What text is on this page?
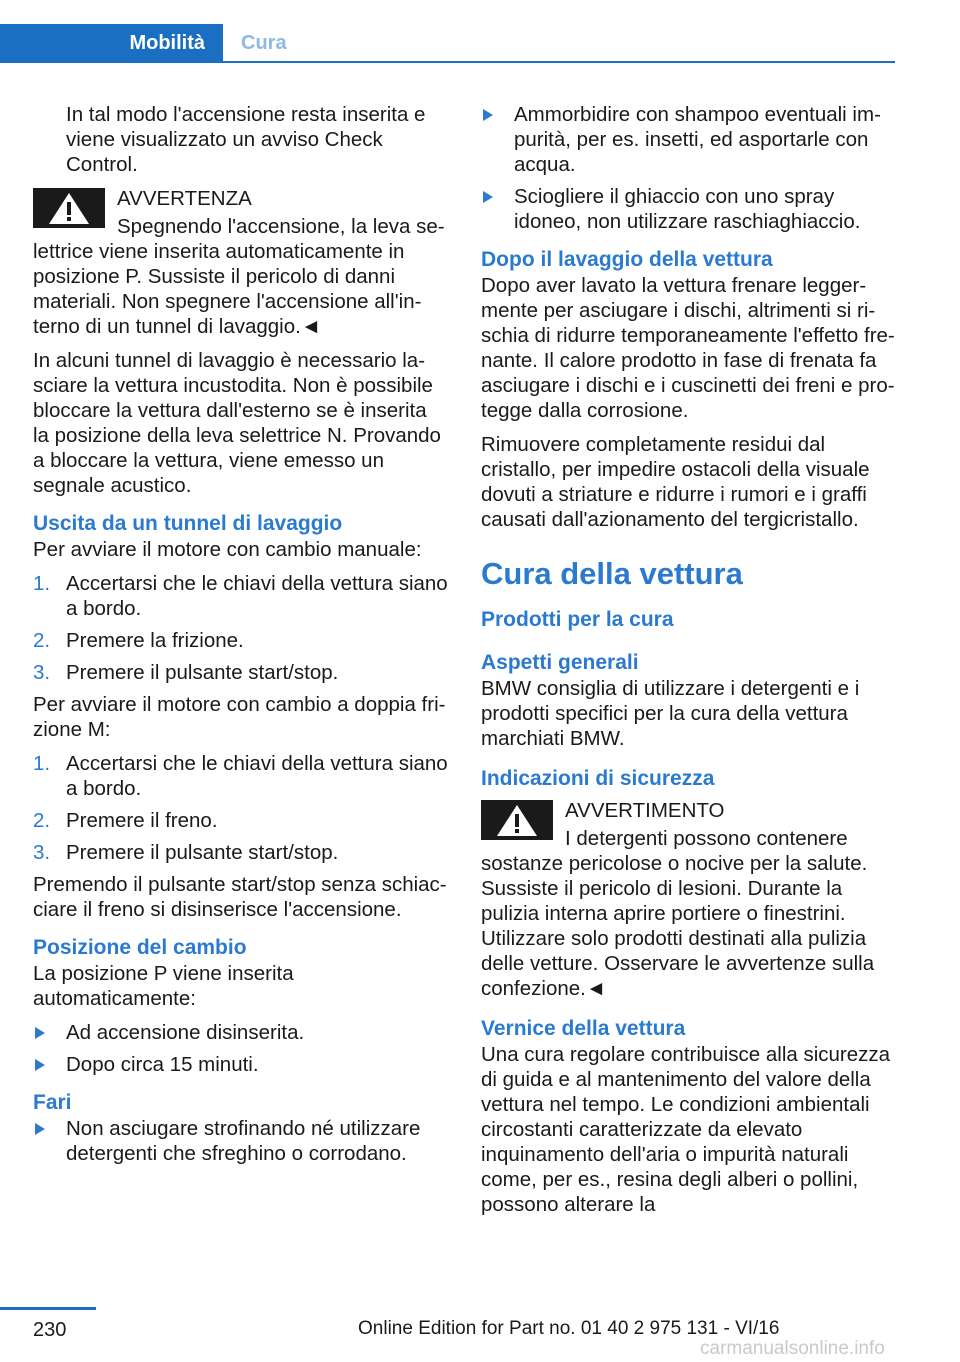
Mobilità Cura

In tal modo l'accensione resta inserita e viene visualizzato un avviso Check Control.

AVVERTENZA
Spegnendo l'accensione, la leva selettrice viene inserita automaticamente in posizione P. Sussiste il pericolo di danni materiali. Non spegnere l'accensione all'interno di un tunnel di lavaggio.◄

In alcuni tunnel di lavaggio è necessario lasciare la vettura incustodita. Non è possibile bloccare la vettura dall'esterno se è inserita la posizione della leva selettrice N. Provando a bloccare la vettura, viene emesso un segnale acustico.

Uscita da un tunnel di lavaggio

Per avviare il motore con cambio manuale:

1. Accertarsi che le chiavi della vettura siano a bordo.
2. Premere la frizione.
3. Premere il pulsante start/stop.

Per avviare il motore con cambio a doppia frizione M:

1. Accertarsi che le chiavi della vettura siano a bordo.
2. Premere il freno.
3. Premere il pulsante start/stop.

Premendo il pulsante start/stop senza schiacciare il freno si disinserisce l'accensione.

Posizione del cambio

La posizione P viene inserita automaticamente:

Ad accensione disinserita.
Dopo circa 15 minuti.
Fari
Non asciugare strofinando né utilizzare detergenti che sfreghino o corrodano.
Ammorbidire con shampoo eventuali impurità, per es. insetti, ed asportarle con acqua.
Sciogliere il ghiaccio con uno spray idoneo, non utilizzare raschiaghiaccio.
Dopo il lavaggio della vettura

Dopo aver lavato la vettura frenare leggermente per asciugare i dischi, altrimenti si rischia di ridurre temporaneamente l'effetto frenante. Il calore prodotto in fase di frenata fa asciugare i dischi e i cuscinetti dei freni e protegge dalla corrosione.

Rimuovere completamente residui dal cristallo, per impedire ostacoli della visuale dovuti a striature e ridurre i rumori e i graffi causati dall'azionamento del tergicristallo.

Cura della vettura
Prodotti per la cura
Aspetti generali

BMW consiglia di utilizzare i detergenti e i prodotti specifici per la cura della vettura marchiati BMW.

Indicazioni di sicurezza
AVVERTIMENTO
I detergenti possono contenere sostanze pericolose o nocive per la salute. Sussiste il pericolo di lesioni. Durante la pulizia interna aprire portiere o finestrini. Utilizzare solo prodotti destinati alla pulizia delle vetture. Osservare le avvertenze sulla confezione.◄
Vernice della vettura

Una cura regolare contribuisce alla sicurezza di guida e al mantenimento del valore della vettura nel tempo. Le condizioni ambientali circostanti caratterizzate da elevato inquinamento dell'aria o impurità naturali come, per es., resina degli alberi o pollini, possono alterare la

230	Online Edition for Part no. 01 40 2 975 131 - VI/16
carmanualsonline.info
